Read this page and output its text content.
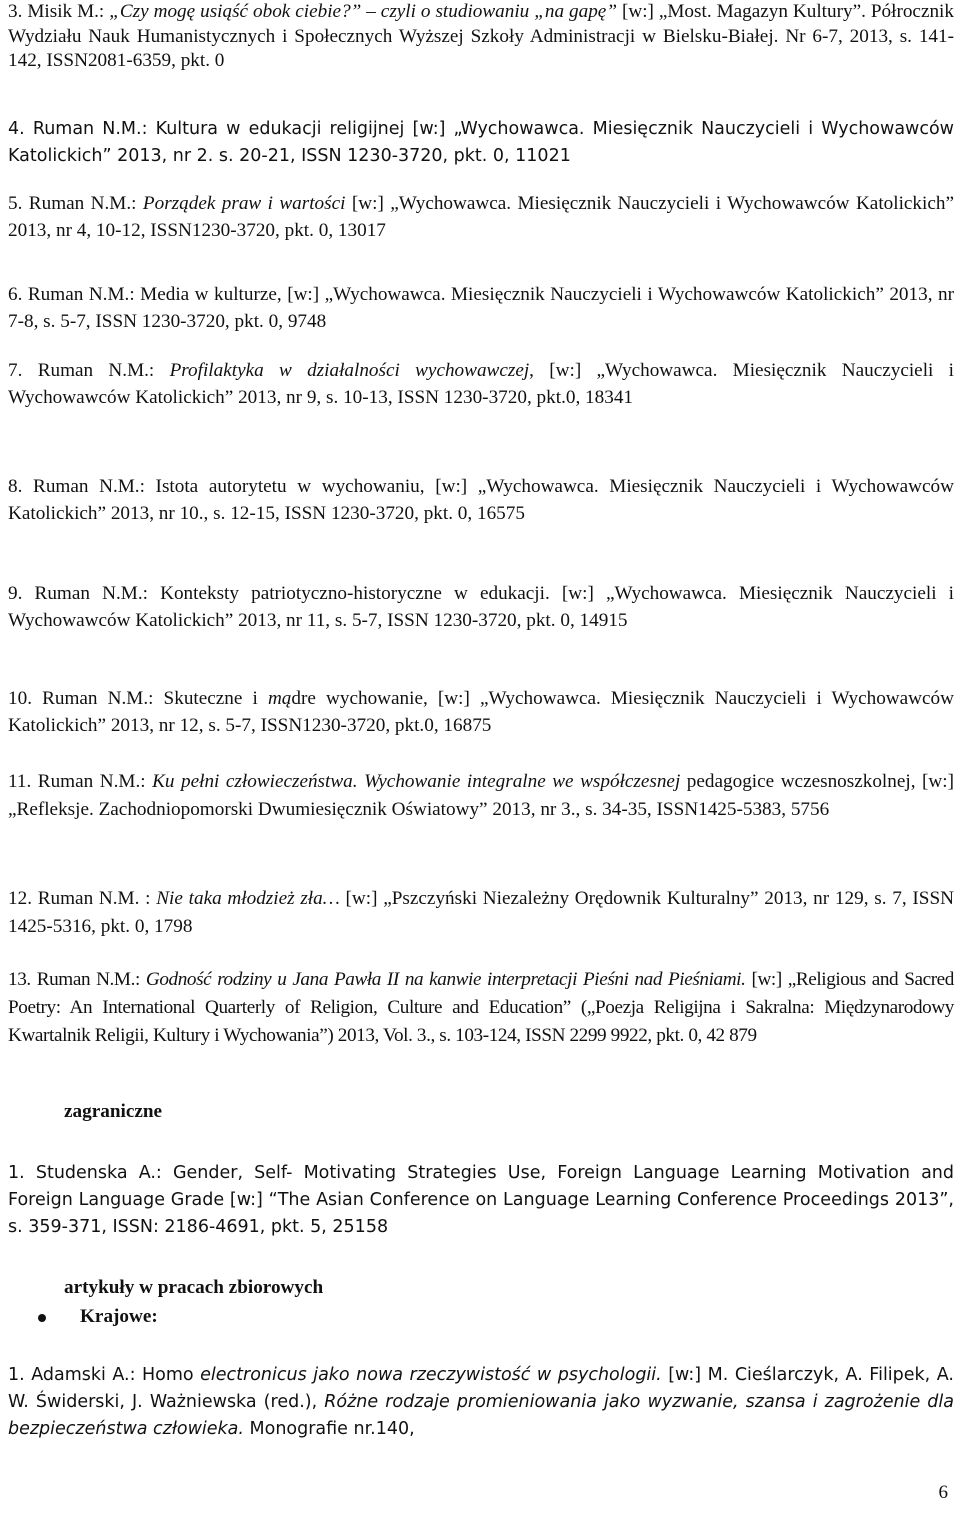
3. Misik M.: „Czy mogę usiąść obok ciebie?” – czyli o studiowaniu „na gapę” [w:] „Most. Magazyn Kultury”. Półrocznik Wydziału Nauk Humanistycznych i Społecznych Wyższej Szkoły Administracji w Bielsku-Białej. Nr 6-7, 2013, s. 141-142, ISSN2081-6359, pkt. 0
4. Ruman N.M.: Kultura w edukacji religijnej [w:] „Wychowawca. Miesięcznik Nauczycieli i Wychowawców Katolickich” 2013, nr 2. s. 20-21, ISSN 1230-3720, pkt. 0, 11021
5. Ruman N.M.: Porządek praw i wartości [w:] „Wychowawca. Miesięcznik Nauczycieli i Wychowawców Katolickich” 2013, nr 4, 10-12, ISSN1230-3720, pkt. 0, 13017
6. Ruman N.M.: Media w kulturze, [w:] „Wychowawca. Miesięcznik Nauczycieli i Wychowawców Katolickich” 2013, nr 7-8, s. 5-7, ISSN 1230-3720, pkt. 0, 9748
7. Ruman N.M.: Profilaktyka w działalności wychowawczej, [w:] „Wychowawca. Miesięcznik Nauczycieli i Wychowawców Katolickich” 2013, nr 9, s. 10-13, ISSN 1230-3720, pkt.0, 18341
8. Ruman N.M.: Istota autorytetu w wychowaniu, [w:] „Wychowawca. Miesięcznik Nauczycieli i Wychowawców Katolickich” 2013, nr 10., s. 12-15, ISSN 1230-3720, pkt. 0, 16575
9. Ruman N.M.: Konteksty patriotyczno-historyczne w edukacji. [w:] „Wychowawca. Miesięcznik Nauczycieli i Wychowawców Katolickich” 2013, nr 11, s. 5-7, ISSN 1230-3720, pkt. 0, 14915
10. Ruman N.M.: Skuteczne i mądre wychowanie, [w:] „Wychowawca. Miesięcznik Nauczycieli i Wychowawców Katolickich” 2013, nr 12, s. 5-7, ISSN1230-3720, pkt.0, 16875
11. Ruman N.M.: Ku pełni człowieczeństwa. Wychowanie integralne we współczesnej pedagogice wczesnoszkolnej, [w:] „Refleksje. Zachodniopomorski Dwumiesięcznik Oświatowy” 2013, nr 3., s. 34-35, ISSN1425-5383, 5756
12. Ruman N.M. : Nie taka młodzież zła… [w:] „Pszczyński Niezależny Orędownik Kulturalny” 2013, nr 129, s. 7, ISSN 1425-5316, pkt. 0, 1798
13. Ruman N.M.: Godność rodziny u Jana Pawła II na kanwie interpretacji Pieśni nad Pieśniami. [w:] „Religious and Sacred Poetry: An International Quarterly of Religion, Culture and Education” („Poezja Religijna i Sakralna: Międzynarodowy Kwartalnik Religii, Kultury i Wychowania”) 2013, Vol. 3., s. 103-124, ISSN 2299 9922, pkt. 0, 42 879
zagraniczne
1. Studenska A.: Gender, Self- Motivating Strategies Use, Foreign Language Learning Motivation and Foreign Language Grade [w:] “The Asian Conference on Language Learning Conference Proceedings 2013”, s. 359-371, ISSN: 2186-4691, pkt. 5, 25158
artykuły w pracach zbiorowych
Krajowe:
1. Adamski A.: Homo electronicus jako nowa rzeczywistość w psychologii. [w:] M. Cieślarczyk, A. Filipek, A. W. Świderski, J. Ważniewska (red.), Różne rodzaje promieniowania jako wyzwanie, szansa i zagrożenie dla bezpieczeństwa człowieka. Monografie nr.140,
6
